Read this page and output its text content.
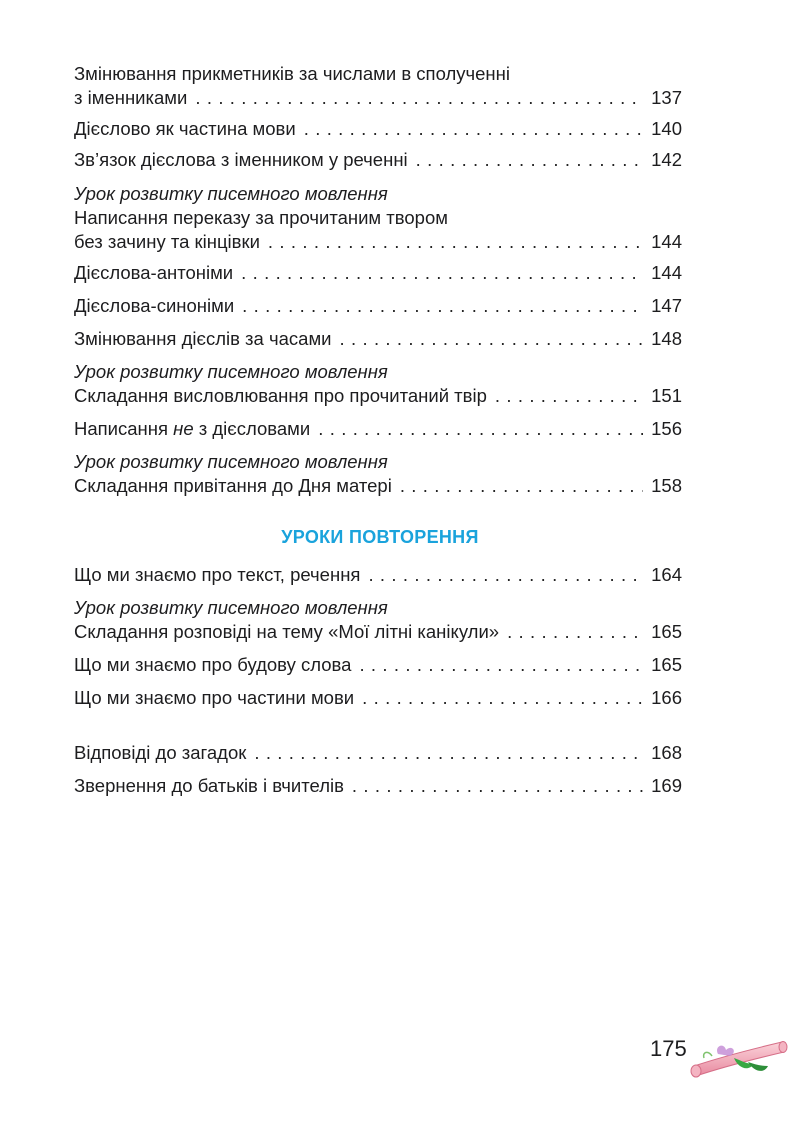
Змінювання прикметників за числами в сполученні
з іменниками . . .	137
Дієслово як частина мови . . .	140
Зв’язок дієслова з іменником у реченні . . .	142
Урок розвитку писемного мовлення
Написання переказу за прочитаним твором
без зачину та кінцівки . . .	144
Дієслова-антоніми . . .	144
Дієслова-синоніми . . .	147
Змінювання дієслів за часами . . .	148
Урок розвитку писемного мовлення
Складання висловлювання про прочитаний твір . . .	151
Написання не з дієсловами . . .	156
Урок розвитку писемного мовлення
Складання привітання до Дня матері . . .	158
УРОКИ ПОВТОРЕННЯ
Що ми знаємо про текст, речення . . .	164
Урок розвитку писемного мовлення
Складання розповіді на тему «Мої літні канікули» . . .	165
Що ми знаємо про будову слова . . .	165
Що ми знаємо про частини мови . . .	166
Відповіді до загадок . . .	168
Звернення до батьків і вчителів . . .	169
175
